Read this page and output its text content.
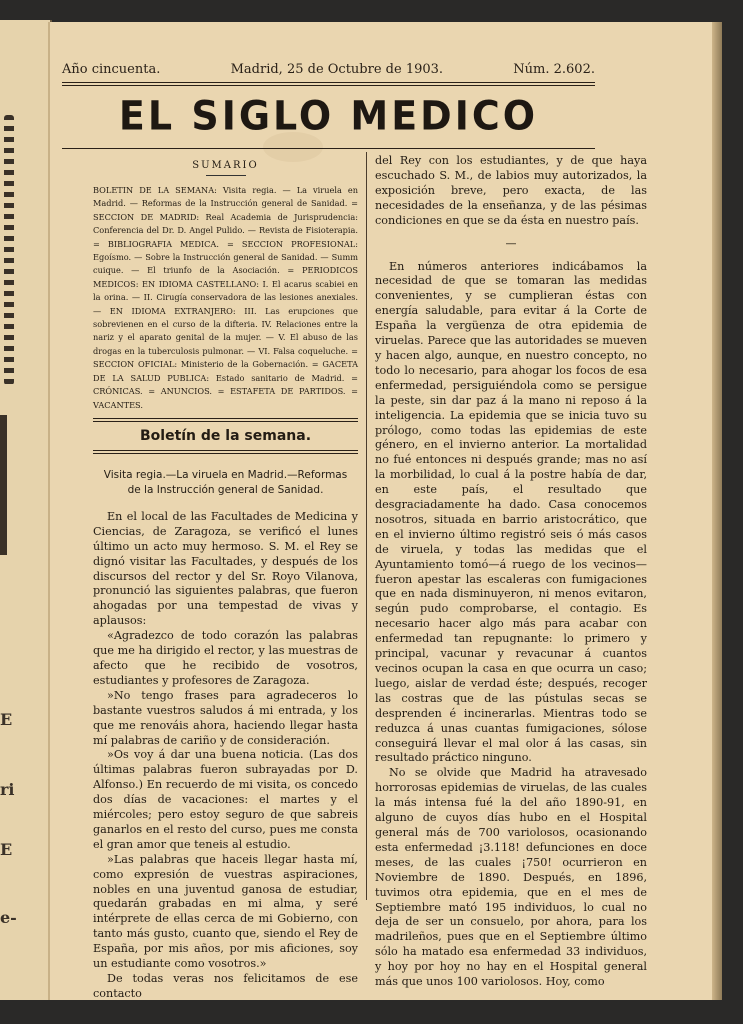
E
ri
E
e-
Año cincuenta.	Madrid, 25 de Octubre de 1903.	Núm. 2.602.
EL SIGLO MEDICO

SUMARIO

BOLETIN DE LA SEMANA: Visita regia. — La viruela en Madrid. — Reformas de la Instrucción general de Sanidad. = SECCION DE MADRID: Real Academia de Jurisprudencia: Conferencia del Dr. D. Angel Pulido. — Revista de Fisioterapia. = BIBLIOGRAFIA MEDICA. = SECCION PROFESIONAL: Egoísmo. — Sobre la Instrucción general de Sanidad. — Summ cuique. — El triunfo de la Asociación. = PERIODICOS MEDICOS: EN IDIOMA CASTELLANO: I. El acarus scabiei en la orina. — II. Cirugía conservadora de las lesiones anexiales. — EN IDIOMA EXTRANJERO: III. Las erupciones que sobrevienen en el curso de la difteria. IV. Relaciones entre la nariz y el aparato genital de la mujer. — V. El abuso de las drogas en la tuberculosis pulmonar. — VI. Falsa coqueluche. = SECCION OFICIAL: Ministerio de la Gobernación. = GACETA DE LA SALUD PUBLICA: Estado sanitario de Madrid. = CRÓNICAS. = ANUNCIOS. = ESTAFETA DE PARTIDOS. = VACANTES.

Boletín de la semana.
Visita regia.—La viruela en Madrid.—Reformas
de la Instrucción general de Sanidad.

En el local de las Facultades de Medicina y Ciencias, de Zaragoza, se verificó el lunes último un acto muy hermoso. S. M. el Rey se dignó visitar las Facultades, y después de los discursos del rector y del Sr. Royo Vilanova, pronunció las siguientes palabras, que fueron ahogadas por una tempestad de vivas y aplausos:

«Agradezco de todo corazón las palabras que me ha dirigido el rector, y las muestras de afecto que he recibido de vosotros, estudiantes y profesores de Zaragoza.

»No tengo frases para agradeceros lo bastante vuestros saludos á mi entrada, y los que me renováis ahora, haciendo llegar hasta mí palabras de cariño y de consideración.

»Os voy á dar una buena noticia. (Las dos últimas palabras fueron subrayadas por D. Alfonso.) En recuerdo de mi visita, os concedo dos días de vacaciones: el martes y el miércoles; pero estoy seguro de que sabreis ganarlos en el resto del curso, pues me consta el gran amor que teneis al estudio.

»Las palabras que haceis llegar hasta mí, como expresión de vuestras aspiraciones, nobles en una juventud ganosa de estudiar, quedarán grabadas en mi alma, y seré intérprete de ellas cerca de mi Gobierno, con tanto más gusto, cuanto que, siendo el Rey de España, por mis años, por mis aficiones, soy un estudiante como vosotros.»

De todas veras nos felicitamos de ese contacto

del Rey con los estudiantes, y de que haya escuchado S. M., de labios muy autorizados, la exposición breve, pero exacta, de las necesidades de la enseñanza, y de las pésimas condiciones en que se da ésta en nuestro país.

—

En números anteriores indicábamos la necesidad de que se tomaran las medidas convenientes, y se cumplieran éstas con energía saludable, para evitar á la Corte de España la vergüenza de otra epidemia de viruelas. Parece que las autoridades se mueven y hacen algo, aunque, en nuestro concepto, no todo lo necesario, para ahogar los focos de esa enfermedad, persiguiéndola como se persigue la peste, sin dar paz á la mano ni reposo á la inteligencia. La epidemia que se inicia tuvo su prólogo, como todas las epidemias de este género, en el invierno anterior. La mortalidad no fué entonces ni después grande; mas no así la morbilidad, lo cual á la postre había de dar, en este país, el resultado que desgraciadamente ha dado. Casa conocemos nosotros, situada en barrio aristocrático, que en el invierno último registró seis ó más casos de viruela, y todas las medidas que el Ayuntamiento tomó—á ruego de los vecinos—fueron apestar las escaleras con fumigaciones que en nada disminuyeron, ni menos evitaron, según pudo comprobarse, el contagio. Es necesario hacer algo más para acabar con enfermedad tan repugnante: lo primero y principal, vacunar y revacunar á cuantos vecinos ocupan la casa en que ocurra un caso; luego, aislar de verdad éste; después, recoger las costras que de las pústulas secas se desprenden é incinerarlas. Mientras todo se reduzca á unas cuantas fumigaciones, sólose conseguirá llevar el mal olor á las casas, sin resultado práctico ninguno.

No se olvide que Madrid ha atravesado horrorosas epidemias de viruelas, de las cuales la más intensa fué la del año 1890-91, en alguno de cuyos días hubo en el Hospital general más de 700 variolosos, ocasionando esta enfermedad ¡3.118! defunciones en doce meses, de las cuales ¡750! ocurrieron en Noviembre de 1890. Después, en 1896, tuvimos otra epidemia, que en el mes de Septiembre mató 195 individuos, lo cual no deja de ser un consuelo, por ahora, para los madrileños, pues que en el Septiembre último sólo ha matado esa enfermedad 33 individuos, y hoy por hoy no hay en el Hospital general más que unos 100 variolosos. Hoy, como
